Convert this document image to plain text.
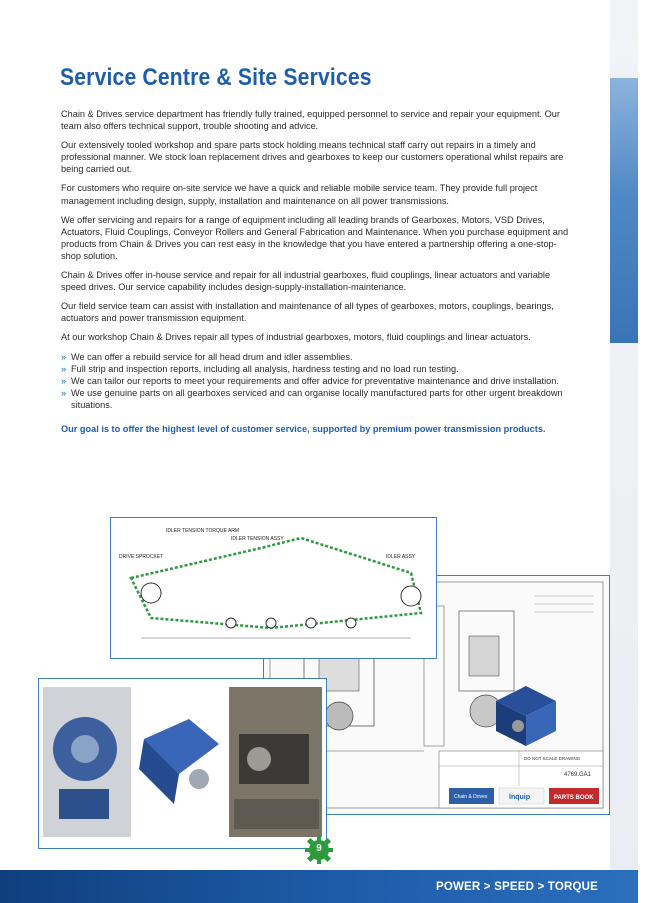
SERVICE & MAINTENANCE
Service Centre & Site Services

Chain & Drives service department has friendly fully trained, equipped personnel to service and repair your equipment. Our team also offers technical support, trouble shooting and advice.

Our extensively tooled workshop and spare parts stock holding means technical staff carry out repairs in a timely and professional manner. We stock loan replacement drives and gearboxes to keep our customers operational whilst repairs are being carried out.

For customers who require on-site service we have a quick and reliable mobile service team. They provide full project management including design, supply, installation and maintenance on all power transmissions.

We offer servicing and repairs for a range of equipment including all leading brands of Gearboxes, Motors, VSD Drives, Actuators, Fluid Couplings, Conveyor Rollers and General Fabrication and Maintenance. When you purchase equipment and products from Chain & Drives you can rest easy in the knowledge that you have entered a partnership offering a one-stop-shop solution.

Chain & Drives offer in-house service and repair for all industrial gearboxes, fluid couplings, linear actuators and variable speed drives. Our service capability includes design-supply-installation-maintenance.

Our field service team can assist with installation and maintenance of all types of gearboxes, motors, couplings, bearings, actuators and power transmission equipment.

At our workshop Chain & Drives repair all types of industrial gearboxes, motors, fluid couplings and linear actuators.

» We can offer a rebuild service for all head drum and idler assemblies.
» Full strip and inspection reports, including all analysis, hardness testing and no load run testing.
» We can tailor our reports to meet your requirements and offer advice for preventative maintenance and drive installation.
» We use genuine parts on all gearboxes serviced and can organise locally manufactured parts for other urgent breakdown situations.

Our goal is to offer the highest level of customer service, supported by premium power transmission products.

DO NOT SCALE DRAWING
4769.GA1
Chain & Drives	Inquip	PARTS BOOK
IDLER TENSION TORQUE ARM
IDLER TENSION ASSY
DRIVE SPROCKET	IDLER ASSY
9
POWER > SPEED > TORQUE
